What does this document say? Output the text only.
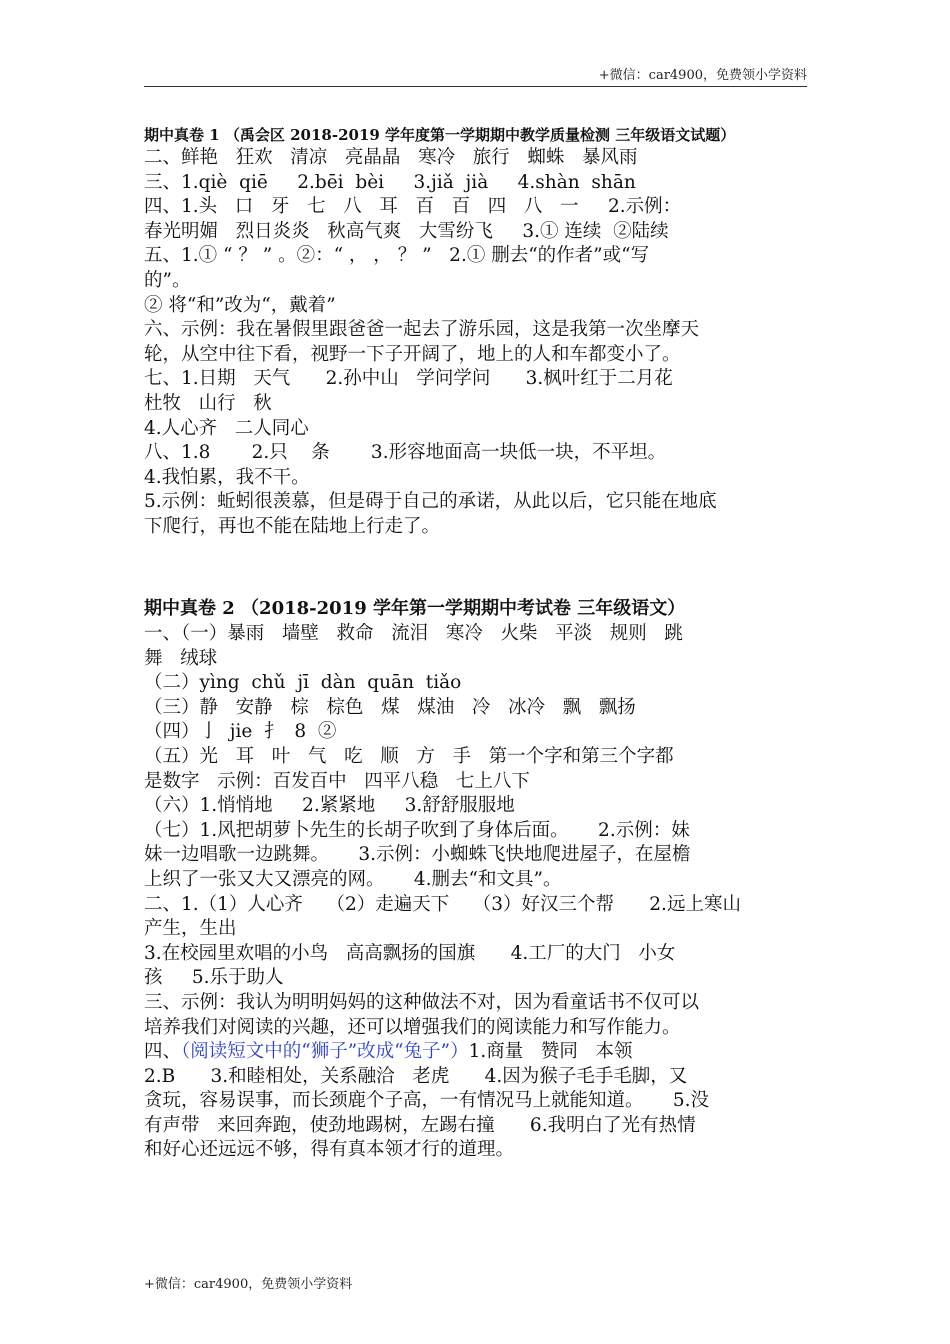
+微信：car4900，免费领小学资料
期中真卷 1 （禹会区 2018-2019 学年度第一学期期中教学质量检测 三年级语文试题）
二、鲜艳   狂欢   清凉   亮晶晶   寒冷   旅行   蜘蛛   暴风雨
三、1.qiè  qiē     2.bēi  bèi     3.jiǎ  jià     4.shàn  shān
四、1.头   口   牙   七   八   耳   百   百   四   八   一     2.示例：
春光明媚   烈日炎炎   秋高气爽   大雪纷飞     3.① 连续  ②陆续
五、1.① “ ？ ” 。②：“ ， ， ？ ”   2.① 删去“的作者”或“写
的”。
② 将“和”改为“，戴着”
六、示例：我在暑假里跟爸爸一起去了游乐园，这是我第一次坐摩天
轮，从空中往下看，视野一下子开阔了，地上的人和车都变小了。
七、1.日期   天气      2.孙中山   学问学问      3.枫叶红于二月花
杜牧   山行   秋
4.人心齐   二人同心
八、1.8       2.只    条       3.形容地面高一块低一块，不平坦。
4.我怕累，我不干。
5.示例：蚯蚓很羡慕，但是碍于自己的承诺，从此以后，它只能在地底
下爬行，再也不能在陆地上行走了。
期中真卷 2 （2018-2019 学年第一学期期中考试卷 三年级语文）
一、（一）暴雨   墙壁   救命   流泪   寒冷   火柴   平淡   规则   跳
舞   绒球
（二）yìng  chǔ  jī  dàn  quān  tiǎo
（三）静   安静   棕   棕色   煤   煤油   冷   冰冷   飘   飘扬
（四）亅  jie  扌  8  ②
（五）光   耳   叶   气   吃   顺   方   手   第一个字和第三个字都
是数字   示例：百发百中   四平八稳   七上八下
（六）1.悄悄地     2.紧紧地     3.舒舒服服地
（七）1.风把胡萝卜先生的长胡子吹到了身体后面。     2.示例：妹
妹一边唱歌一边跳舞。     3.示例：小蜘蛛飞快地爬进屋子，在屋檐
上织了一张又大又漂亮的网。     4.删去“和文具”。
二、1.（1）人心齐    （2）走遍天下    （3）好汉三个帮      2.远上寒山
产生，生出
3.在校园里欢唱的小鸟   高高飘扬的国旗      4.工厂的大门   小女
孩     5.乐于助人
三、示例：我认为明明妈妈的这种做法不对，因为看童话书不仅可以
培养我们对阅读的兴趣，还可以增强我们的阅读能力和写作能力。
四、（阅读短文中的“狮子”改成“兔子”）1.商量   赞同   本领
2.B      3.和睦相处，关系融洽   老虎      4.因为猴子毛手毛脚，又
贪玩，容易误事，而长颈鹿个子高，一有情况马上就能知道。     5.没
有声带   来回奔跑，使劲地踢树，左踢右撞      6.我明白了光有热情
和好心还远远不够，得有真本领才行的道理。
+微信：car4900，免费领小学资料
